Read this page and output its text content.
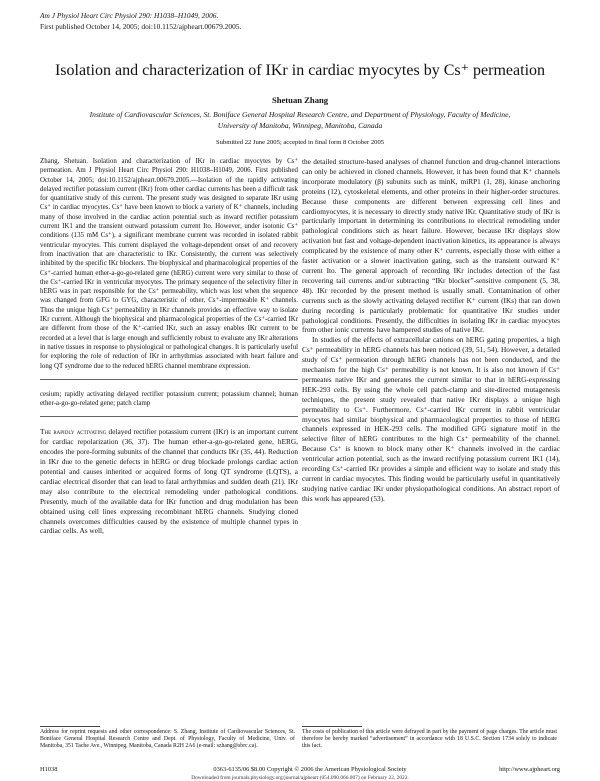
Am J Physiol Heart Circ Physiol 290: H1038–H1049, 2006.
First published October 14, 2005; doi:10.1152/ajpheart.00679.2005.
Isolation and characterization of IKr in cardiac myocytes by Cs⁺ permeation
Shetuan Zhang
Institute of Cardiovascular Sciences, St. Boniface General Hospital Research Centre, and Department of Physiology, Faculty of Medicine, University of Manitoba, Winnipeg, Manitoba, Canada
Submitted 22 June 2005; accepted in final form 8 October 2005

Zhang, Shetuan. Isolation and characterization of IKr in cardiac myocytes by Cs⁺ permeation. Am J Physiol Heart Circ Physiol 290: H1038–H1049, 2006. First published October 14, 2005; doi:10.1152/ajpheart.00679.2005.—Isolation of the rapidly activating delayed rectifier potassium current (IKr) from other cardiac currents has been a difficult task for quantitative study of this current. The present study was designed to separate IKr using Cs⁺ in cardiac myocytes. Cs⁺ have been known to block a variety of K⁺ channels, including many of those involved in the cardiac action potential such as inward rectifier potassium current IK1 and the transient outward potassium current Ito. However, under isotonic Cs⁺ conditions (135 mM Cs⁺), a significant membrane current was recorded in isolated rabbit ventricular myocytes. This current displayed the voltage-dependent onset of and recovery from inactivation that are characteristic to IKr. Consistently, the current was selectively inhibited by the specific IKr blockers. The biophysical and pharmacological properties of the Cs⁺-carried human ether-a-go-go-related gene (hERG) current were very similar to those of the Cs⁺-carried IKr in ventricular myocytes. The primary sequence of the selectivity filter in hERG was in part responsible for the Cs⁺ permeability, which was lost when the sequence was changed from GFG to GYG, characteristic of other, Cs⁺-impermeable K⁺ channels. Thus the unique high Cs⁺ permeability in IKr channels provides an effective way to isolate IKr current. Although the biophysical and pharmacological properties of the Cs⁺-carried IKr are different from those of the K⁺-carried IKr, such an assay enables IKr current to be recorded at a level that is large enough and sufficiently robust to evaluate any IKr alterations in native tissues in response to physiological or pathological changes. It is particularly useful for exploring the role of reduction of IKr in arrhythmias associated with heart failure and long QT syndrome due to the reduced hERG channel membrane expression.

cesium; rapidly activating delayed rectifier potassium current; potassium channel; human ether-a-go-go-related gene; patch clamp

The rapidly activating delayed rectifier potassium current (IKr) is an important current for cardiac repolarization (36, 37). The human ether-a-go-go-related gene, hERG, encodes the pore-forming subunits of the channel that conducts IKr (35, 44). Reduction in IKr due to the genetic defects in hERG or drug blockade prolongs cardiac action potential and causes inherited or acquired forms of long QT syndrome (LQTS), a cardiac electrical disorder that can lead to fatal arrhythmias and sudden death (21). IKr may also contribute to the electrical remodeling under pathological conditions. Presently, much of the available data for IKr function and drug modulation has been obtained using cell lines expressing recombinant hERG channels. Studying cloned channels overcomes difficulties caused by the existence of multiple channel types in cardiac cells. As well,

the detailed structure-based analyses of channel function and drug-channel interactions can only be achieved in cloned channels. However, it has been found that K⁺ channels incorporate modulatory (β) subunits such as minK, miRP1 (1, 28), kinase anchoring proteins (12), cytoskeletal elements, and other proteins in their higher-order structures. Because these components are different between expressing cell lines and cardiomyocytes, it is necessary to directly study native IKr. Quantitative study of IKr is particularly important in determining its contributions to electrical remodeling under pathological conditions such as heart failure. However, because IKr displays slow activation but fast and voltage-dependent inactivation kinetics, its appearance is always complicated by the existence of many other K⁺ currents, especially those with either a faster activation or a slower inactivation gating, such as the transient outward K⁺ current Ito. The general approach of recording IKr includes detection of the fast recovering tail currents and/or subtracting “IKr blocker”-sensitive component (5, 38, 48). IKr recorded by the present method is usually small. Contamination of other currents such as the slowly activating delayed rectifier K⁺ current (IKs) that ran down during recording is particularly problematic for quantitative IKr studies under pathological conditions. Presently, the difficulties in isolating IKr in cardiac myocytes from other ionic currents have hampered studies of native IKr.

In studies of the effects of extracellular cations on hERG gating properties, a high Cs⁺ permeability in hERG channels has been noticed (39, 51, 54). However, a detailed study of Cs⁺ permeation through hERG channels has not been conducted, and the mechanism for the high Cs⁺ permeability is not known. It is also not known if Cs⁺ permeates native IKr and generates the current similar to that in hERG-expressing HEK-293 cells. By using the whole cell patch-clamp and site-directed mutagenesis techniques, the present study revealed that native IKr displays a unique high permeability to Cs⁺. Furthermore, Cs⁺-carried IKr current in rabbit ventricular myocytes had similar biophysical and pharmacological properties to those of hERG channels expressed in HEK-293 cells. The modified GFG signature motif in the selective filter of hERG contributes to the high Cs⁺ permeability of the channel. Because Cs⁺ is known to block many other K⁺ channels involved in the cardiac ventricular action potential, such as the inward rectifying potassium current IK1 (14), recording Cs⁺-carried IKr provides a simple and efficient way to isolate and study this current in cardiac myocytes. This finding would be particularly useful in quantitatively studying native cardiac IKr under physiopathological conditions. An abstract report of this work has appeared (53).

Address for reprint requests and other correspondence: S. Zhang, Institute of Cardiovascular Sciences, St. Boniface General Hospital Research Centre and Dept. of Physiology, Faculty of Medicine, Univ. of Manitoba, 351 Tache Ave., Winnipeg, Manitoba, Canada R2H 2A6 (e-mail: szhang@sbrc.ca).
The costs of publication of this article were defrayed in part by the payment of page charges. The article must therefore be hereby marked “advertisement” in accordance with 18 U.S.C. Section 1734 solely to indicate this fact.
H1038	0363-6135/06 $8.00 Copyright © 2006 the American Physiological Society	http://www.ajpheart.org
Downloaded from journals.physiology.org/journal/ajpheart (054.090.066.007) on February 22, 2022.
